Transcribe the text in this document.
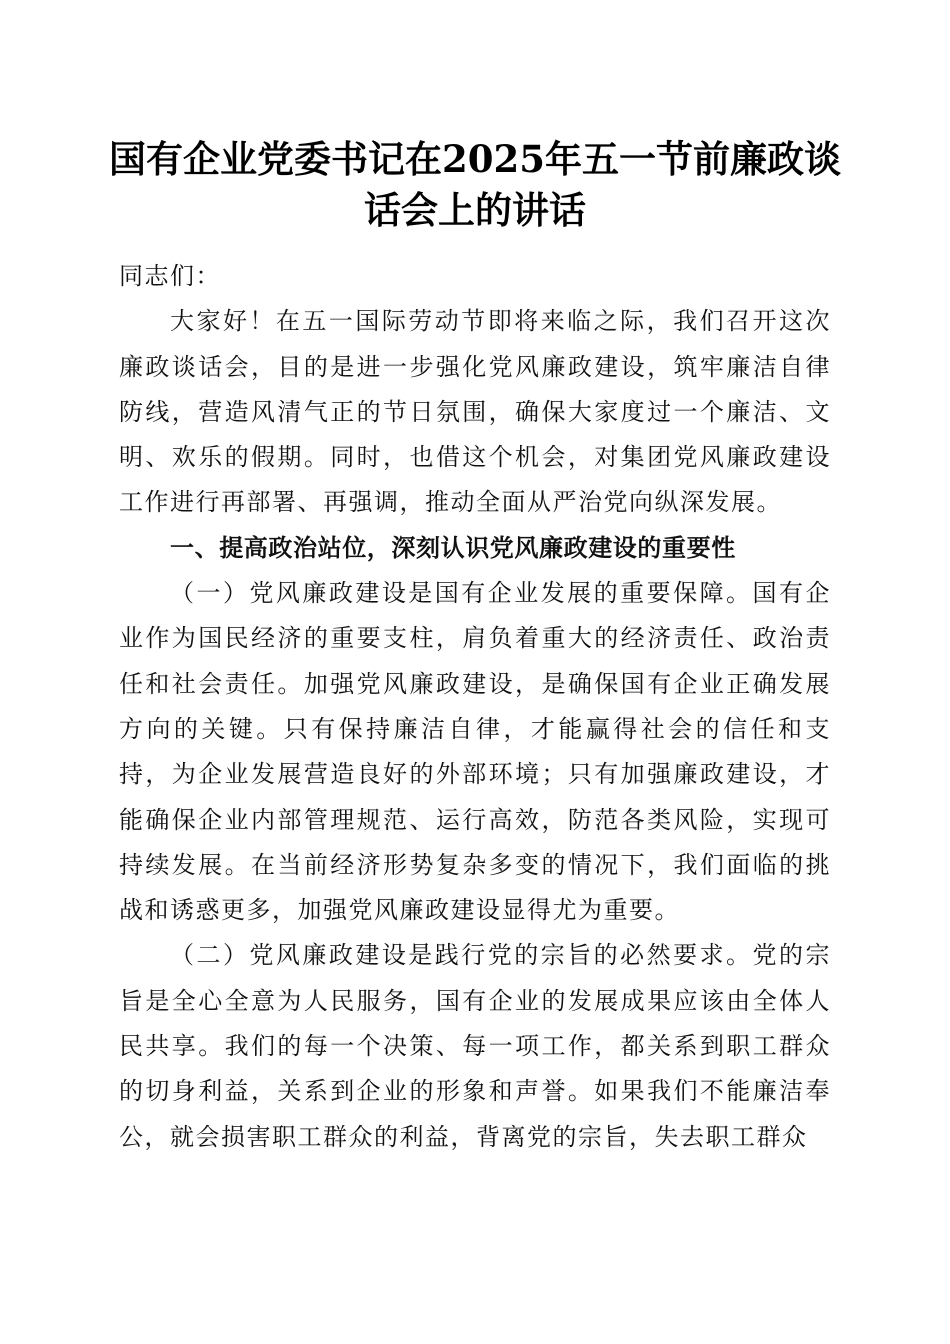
国有企业党委书记在2025年五一节前廉政谈话会上的讲话

同志们：

大家好！在五一国际劳动节即将来临之际，我们召开这次廉政谈话会，目的是进一步强化党风廉政建设，筑牢廉洁自律防线，营造风清气正的节日氛围，确保大家度过一个廉洁、文明、欢乐的假期。同时，也借这个机会，对集团党风廉政建设工作进行再部署、再强调，推动全面从严治党向纵深发展。

一、提高政治站位，深刻认识党风廉政建设的重要性

（一）党风廉政建设是国有企业发展的重要保障。国有企业作为国民经济的重要支柱，肩负着重大的经济责任、政治责任和社会责任。加强党风廉政建设，是确保国有企业正确发展方向的关键。只有保持廉洁自律，才能赢得社会的信任和支持，为企业发展营造良好的外部环境；只有加强廉政建设，才能确保企业内部管理规范、运行高效，防范各类风险，实现可持续发展。在当前经济形势复杂多变的情况下，我们面临的挑战和诱惑更多，加强党风廉政建设显得尤为重要。

（二）党风廉政建设是践行党的宗旨的必然要求。党的宗旨是全心全意为人民服务，国有企业的发展成果应该由全体人民共享。我们的每一个决策、每一项工作，都关系到职工群众的切身利益，关系到企业的形象和声誉。如果我们不能廉洁奉公，就会损害职工群众的利益，背离党的宗旨，失去职工群众
